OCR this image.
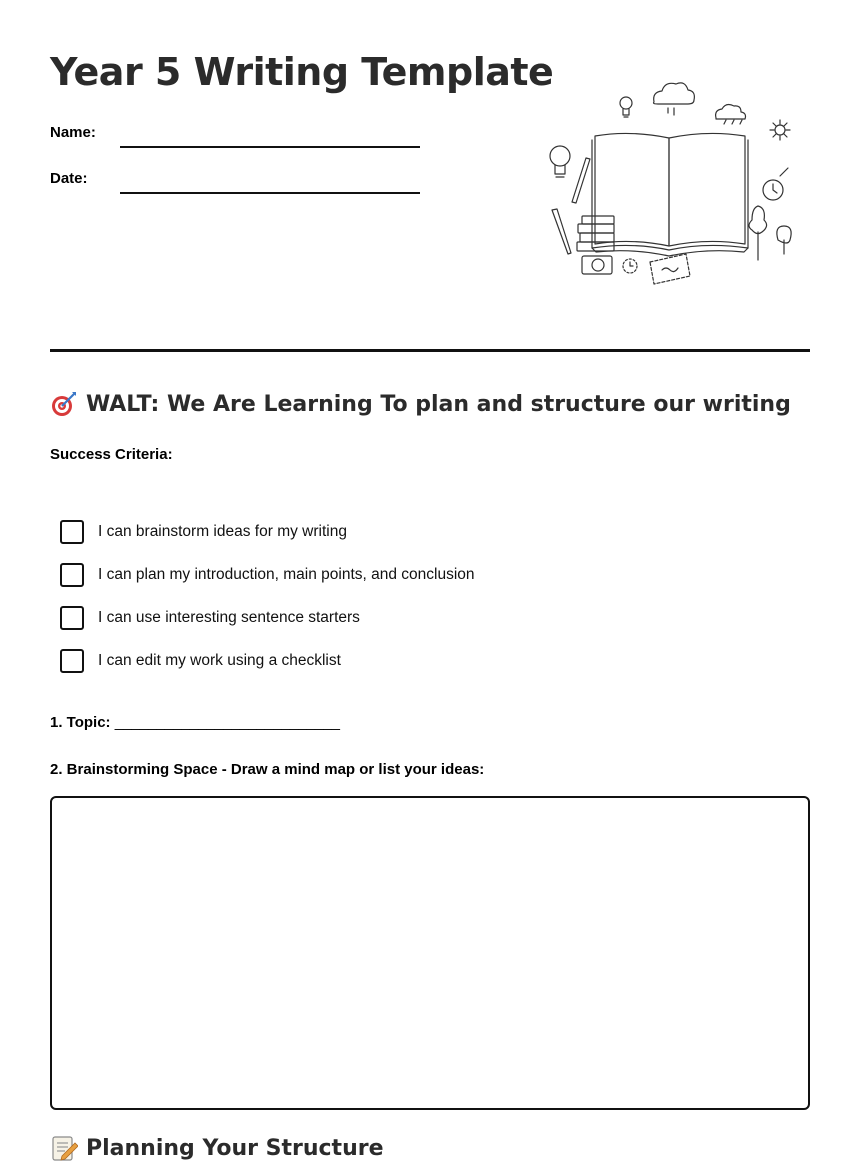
Year 5 Writing Template
Name:
Date:
WALT: We Are Learning To plan and structure our writing
Success Criteria:
I can brainstorm ideas for my writing
I can plan my introduction, main points, and conclusion
I can use interesting sentence starters
I can edit my work using a checklist
1. Topic: ___________________________
2. Brainstorming Space - Draw a mind map or list your ideas:
Planning Your Structure
